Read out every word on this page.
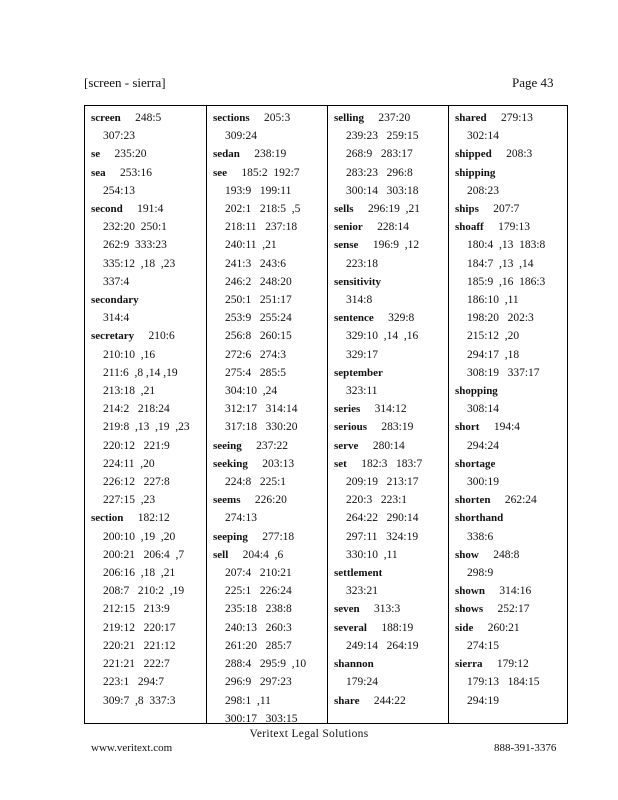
[screen - sierra]	Page 43
screen 248:5
307:23
se 235:20
sea 253:16
254:13
second 191:4
232:20  250:1
262:9  333:23
335:12  ,18  ,23
337:4
secondary
314:4
secretary 210:6
210:10  ,16
211:6  ,8 ,14 ,19
213:18  ,21
214:2   218:24
219:8  ,13  ,19  ,23
220:12   221:9
224:11  ,20
226:12   227:8
227:15  ,23
section 182:12
200:10  ,19  ,20
200:21   206:4  ,7
206:16  ,18  ,21
208:7   210:2  ,19
212:15   213:9
219:12   220:17
220:21   221:12
221:21   222:7
223:1   294:7
309:7  ,8  337:3
sections 205:3
309:24
sedan 238:19
see 185:2  192:7
193:9   199:11
202:1   218:5  ,5
218:11   237:18
240:11  ,21
241:3   243:6
246:2   248:20
250:1   251:17
253:9   255:24
256:8   260:15
272:6   274:3
275:4   285:5
304:10  ,24
312:17   314:14
317:18   330:20
seeing 237:22
seeking 203:13
224:8   225:1
seems 226:20
274:13
seeping 277:18
sell 204:4  ,6
207:4   210:21
225:1   226:24
235:18   238:8
240:13   260:3
261:20   285:7
288:4   295:9  ,10
296:9   297:23
298:1  ,11
300:17   303:15
selling 237:20
239:23   259:15
268:9   283:17
283:23   296:8
300:14   303:18
sells 296:19  ,21
senior 228:14
sense 196:9  ,12
223:18
sensitivity
314:8
sentence 329:8
329:10  ,14  ,16
329:17
september
323:11
series 314:12
serious 283:19
serve 280:14
set 182:3   183:7
209:19   213:17
220:3   223:1
264:22   290:14
297:11   324:19
330:10  ,11
settlement
323:21
seven 313:3
several 188:19
249:14   264:19
shannon
179:24
share 244:22
shared 279:13
302:14
shipped 208:3
shipping
208:23
ships 207:7
shoaff 179:13
180:4  ,13  183:8
184:7  ,13  ,14
185:9  ,16  186:3
186:10  ,11
198:20   202:3
215:12  ,20
294:17  ,18
308:19   337:17
shopping
308:14
short 194:4
294:24
shortage
300:19
shorten 262:24
shorthand
338:6
show 248:8
298:9
shown 314:16
shows 252:17
side 260:21
274:15
sierra 179:12
179:13   184:15
294:19
Veritext Legal Solutions
www.veritext.com	888-391-3376
